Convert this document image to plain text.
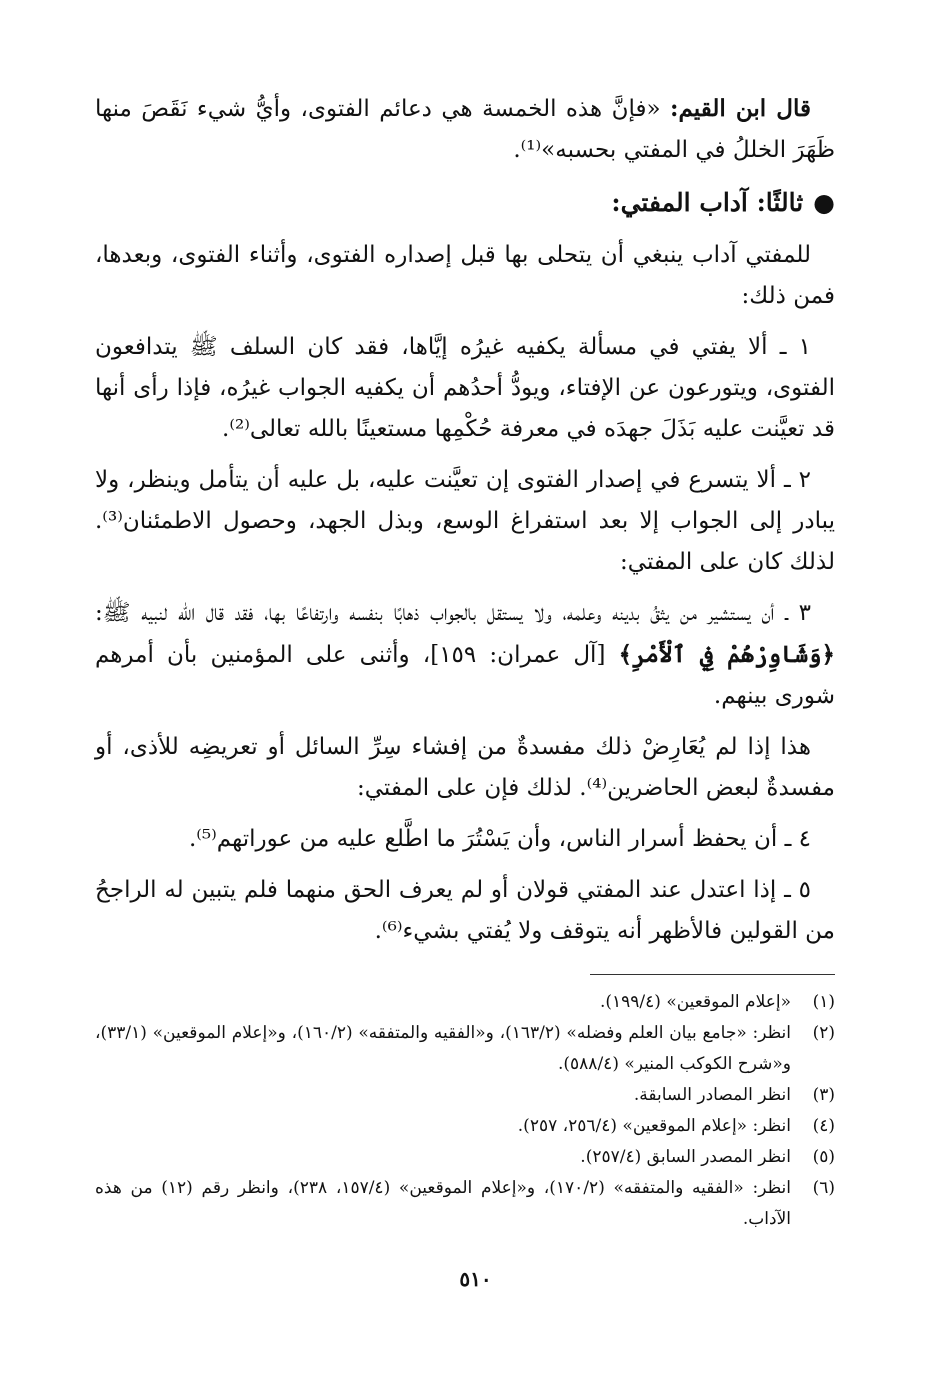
قال ابن القيم: «فإنَّ هذه الخمسة هي دعائم الفتوى، وأيُّ شيء نَقَصَ منها ظَهَرَ الخللُ في المفتي بحسبه»⁽¹⁾.

●ثالثًا: آداب المفتي:

للمفتي آداب ينبغي أن يتحلى بها قبل إصداره الفتوى، وأثناء الفتوى، وبعدها، فمن ذلك:

١ ـ ألا يفتي في مسألة يكفيه غيرُه إيَّاها، فقد كان السلف ﷺ يتدافعون الفتوى، ويتورعون عن الإفتاء، ويودُّ أحدُهم أن يكفيه الجواب غيرُه، فإذا رأى أنها قد تعيَّنت عليه بَذَلَ جهدَه في معرفة حُكْمِها مستعينًا بالله تعالى⁽²⁾.

٢ ـ ألا يتسرع في إصدار الفتوى إن تعيَّنت عليه، بل عليه أن يتأمل وينظر، ولا يبادر إلى الجواب إلا بعد استفراغ الوسع، وبذل الجهد، وحصول الاطمئنان⁽³⁾. لذلك كان على المفتي:

٣ ـ أن يستشير من يثقُ بدينه وعلمه، ولا يستقل بالجواب ذهابًا بنفسه وارتفاعًا بها، فقد قال الله لنبيه ﷺ: ﴿وَشَاوِرْهُمْ فِي ٱلْأَمْرِ﴾ [آل عمران: ١٥٩]، وأثنى على المؤمنين بأن أمرهم شورى بينهم.

هذا إذا لم يُعَارِضْ ذلك مفسدةٌ من إفشاء سِرِّ السائل أو تعريضِه للأذى، أو مفسدةٌ لبعض الحاضرين⁽⁴⁾. لذلك فإن على المفتي:

٤ ـ أن يحفظ أسرار الناس، وأن يَسْتُرَ ما اطَّلع عليه من عوراتهم⁽⁵⁾.

٥ ـ إذا اعتدل عند المفتي قولان أو لم يعرف الحق منهما فلم يتبين له الراجحُ من القولين فالأظهر أنه يتوقف ولا يُفتي بشيء⁽⁶⁾.

(١)
«إعلام الموقعين» (١٩٩/٤).
(٢)
انظر: «جامع بيان العلم وفضله» (١٦٣/٢)، و«الفقيه والمتفقه» (١٦٠/٢)، و«إعلام الموقعين» (٣٣/١)، و«شرح الكوكب المنير» (٥٨٨/٤).
(٣)
انظر المصادر السابقة.
(٤)
انظر: «إعلام الموقعين» (٢٥٦/٤، ٢٥٧).
(٥)
انظر المصدر السابق (٢٥٧/٤).
(٦)
انظر: «الفقيه والمتفقه» (١٧٠/٢)، و«إعلام الموقعين» (١٥٧/٤، ٢٣٨)، وانظر رقم (١٢) من هذه الآداب.
٥١٠
